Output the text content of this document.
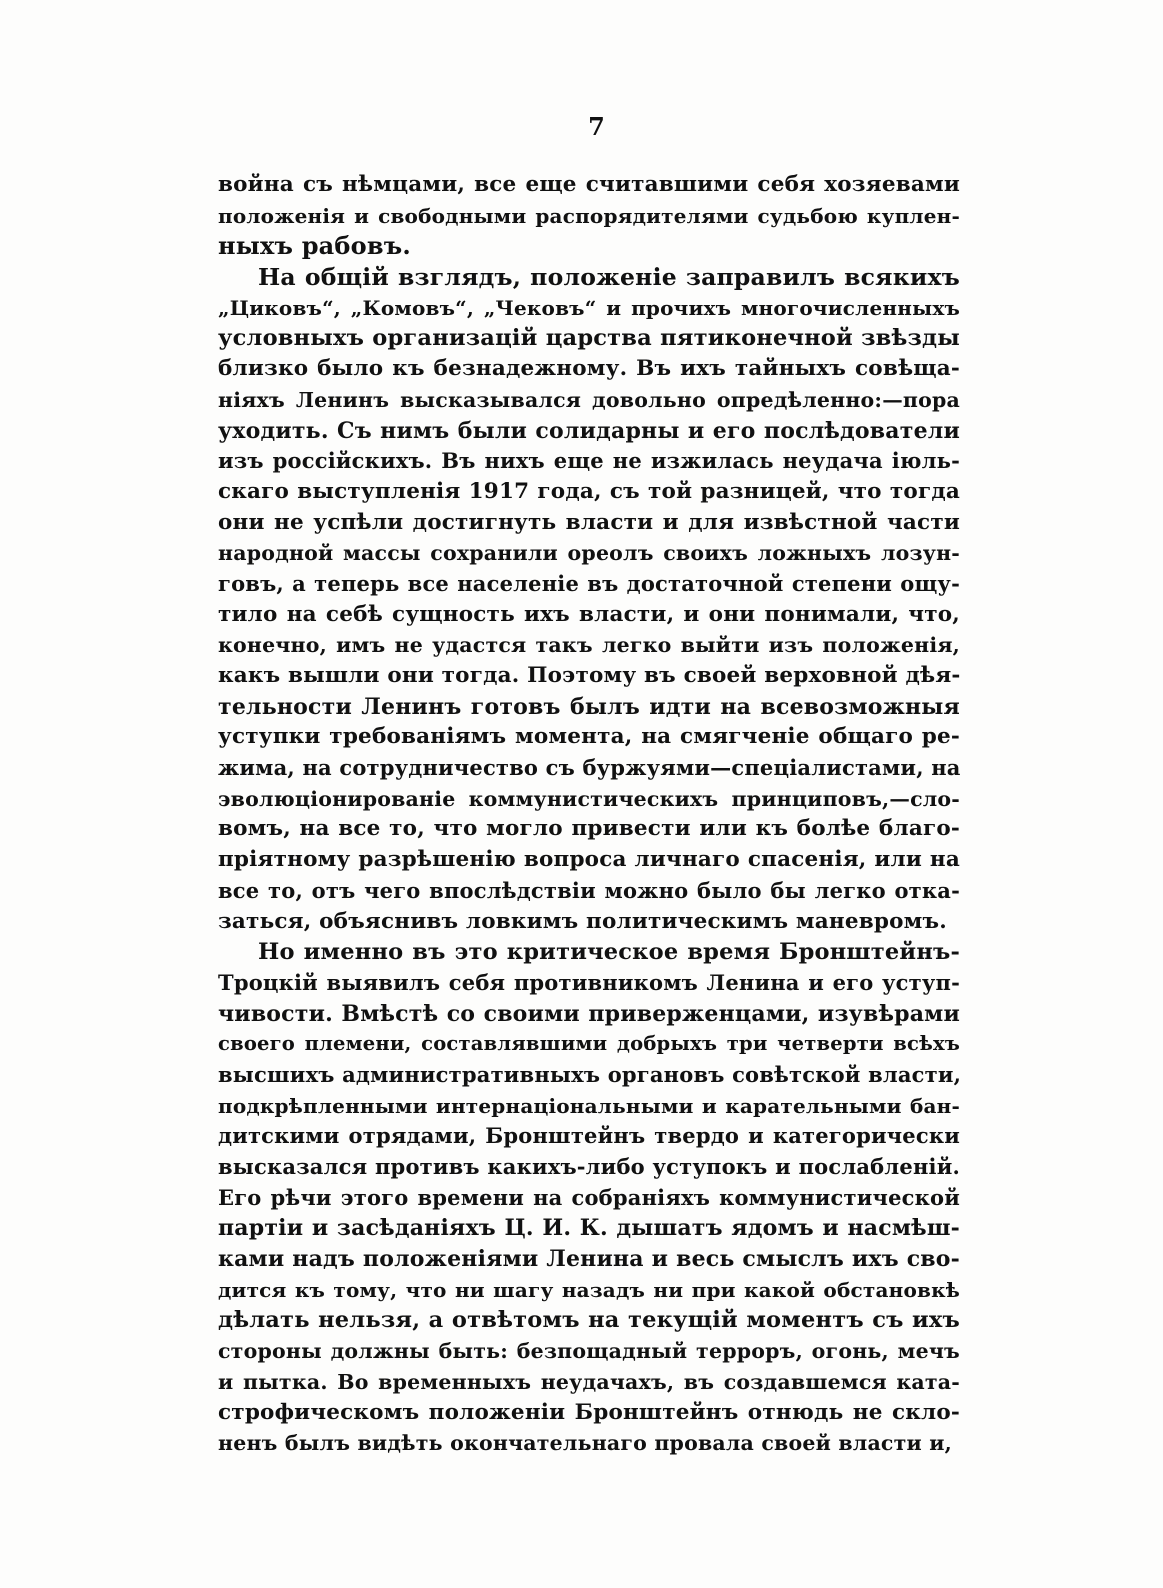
7
война съ нѣмцами, все еще считавшими себя хозяевами
положенія и свободными распорядителями судьбою куплен-
ныхъ рабовъ.
На общій взглядъ, положеніе заправилъ всякихъ
„Циковъ“, „Комовъ“, „Чековъ“ и прочихъ многочисленныхъ
условныхъ организацій царства пятиконечной звѣзды
близко было къ безнадежному. Въ ихъ тайныхъ совѣща-
ніяхъ Ленинъ высказывался довольно опредѣленно:—пора
уходить. Съ нимъ были солидарны и его послѣдователи
изъ россійскихъ. Въ нихъ еще не изжилась неудача іюль-
скаго выступленія 1917 года, съ той разницей, что тогда
они не успѣли достигнуть власти и для извѣстной части
народной массы сохранили ореолъ своихъ ложныхъ лозун-
говъ, а теперь все населеніе въ достаточной степени ощу-
тило на себѣ сущность ихъ власти, и они понимали, что,
конечно, имъ не удастся такъ легко выйти изъ положенія,
какъ вышли они тогда. Поэтому въ своей верховной дѣя-
тельности Ленинъ готовъ былъ идти на всевозможныя
уступки требованіямъ момента, на смягченіе общаго ре-
жима, на сотрудничество съ буржуями—спеціалистами, на
эволюціонированіе коммунистическихъ принциповъ,—сло-
вомъ, на все то, что могло привести или къ болѣе благо-
пріятному разрѣшенію вопроса личнаго спасенія, или на
все то, отъ чего впослѣдствіи можно было бы легко отка-
заться, объяснивъ ловкимъ политическимъ маневромъ.
Но именно въ это критическое время Бронштейнъ-
Троцкій выявилъ себя противникомъ Ленина и его уступ-
чивости. Вмѣстѣ со своими приверженцами, изувѣрами
своего племени, составлявшими добрыхъ три четверти всѣхъ
высшихъ административныхъ органовъ совѣтской власти,
подкрѣпленными интернаціональными и карательными бан-
дитскими отрядами, Бронштейнъ твердо и категорически
высказался противъ какихъ-либо уступокъ и послабленій.
Его рѣчи этого времени на собраніяхъ коммунистической
партіи и засѣданіяхъ Ц. И. К. дышатъ ядомъ и насмѣш-
ками надъ положеніями Ленина и весь смыслъ ихъ сво-
дится къ тому, что ни шагу назадъ ни при какой обстановкѣ
дѣлать нельзя, а отвѣтомъ на текущій моментъ съ ихъ
стороны должны быть: безпощадный терроръ, огонь, мечъ
и пытка. Во временныхъ неудачахъ, въ создавшемся ката-
строфическомъ положеніи Бронштейнъ отнюдь не скло-
ненъ былъ видѣть окончательнаго провала своей власти и,
